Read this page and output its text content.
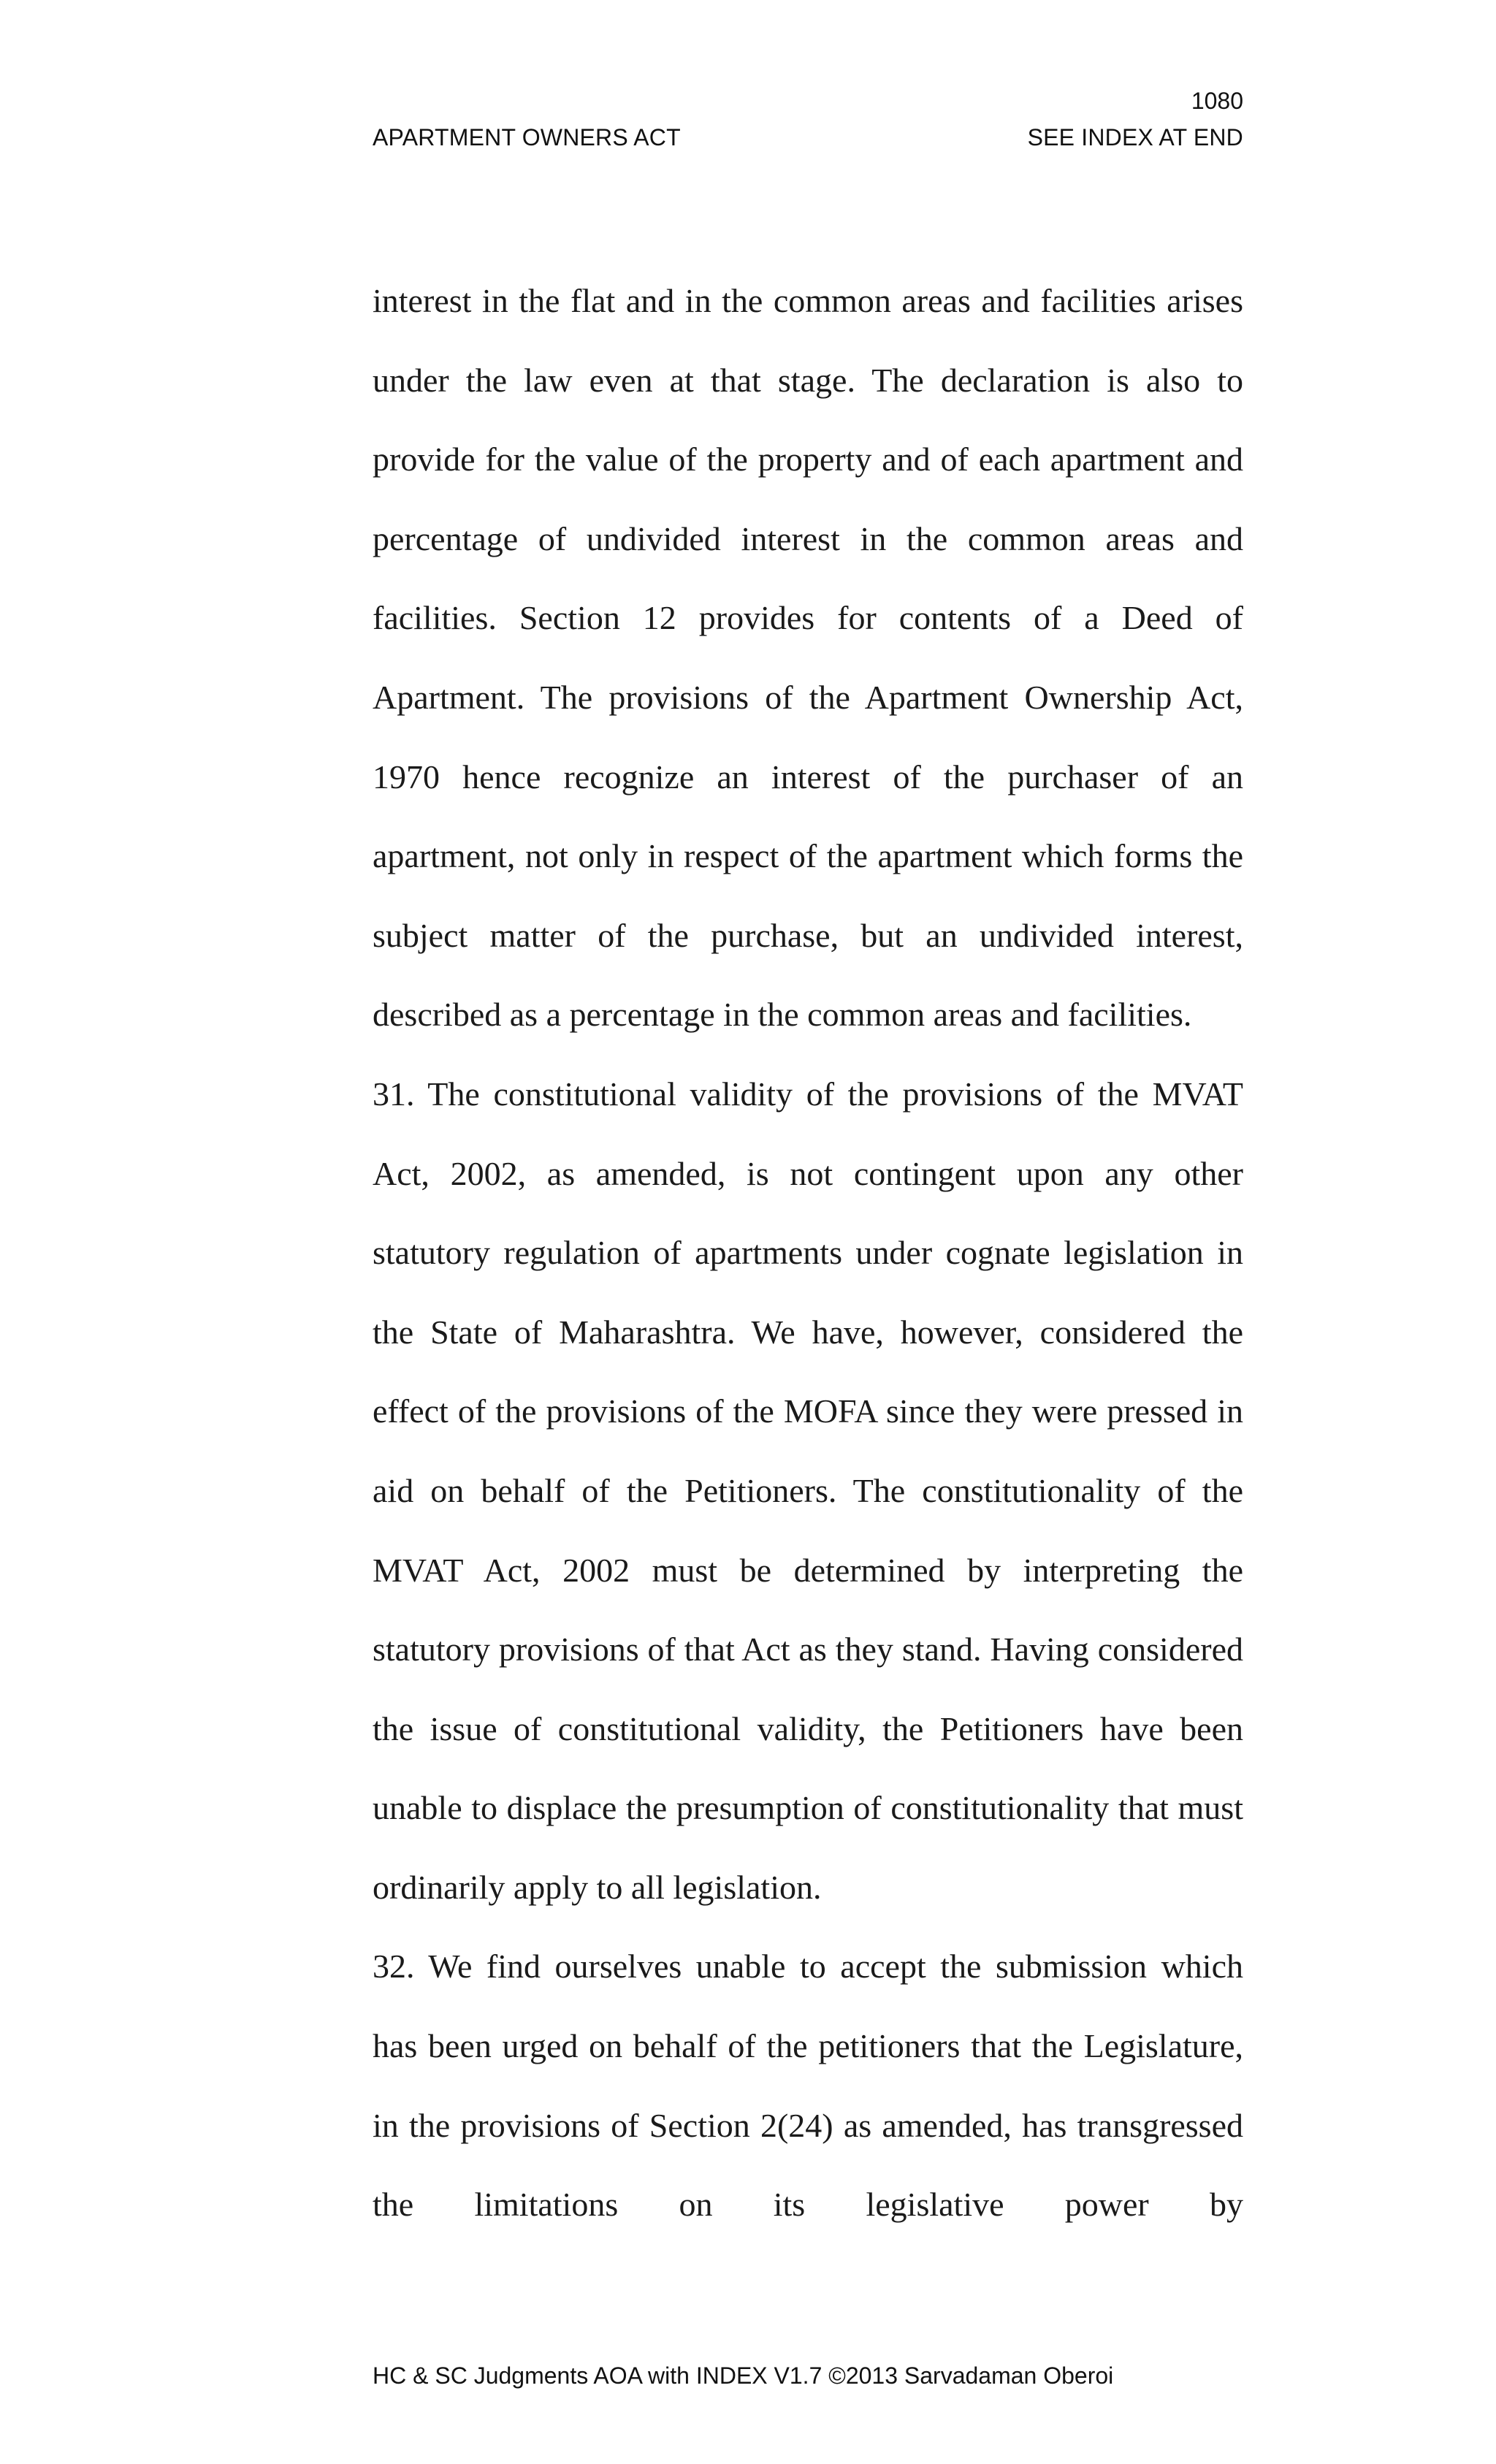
1080
APARTMENT OWNERS ACT	SEE INDEX AT END

interest in the flat and in the common areas and facilities arises under the law even at that stage. The declaration is also to provide for the value of the property and of each apartment and percentage of undivided interest in the common areas and facilities. Section 12 provides for contents of a Deed of Apartment. The provisions of the Apartment Ownership Act, 1970 hence recognize an interest of the purchaser of an apartment, not only in respect of the apartment which forms the subject matter of the purchase, but an undivided interest, described as a percentage in the common areas and facilities.

31. The constitutional validity of the provisions of the MVAT Act, 2002, as amended, is not contingent upon any other statutory regulation of apartments under cognate legislation in the State of Maharashtra. We have, however, considered the effect of the provisions of the MOFA since they were pressed in aid on behalf of the Petitioners. The constitutionality of the MVAT Act, 2002 must be determined by interpreting the statutory provisions of that Act as they stand. Having considered the issue of constitutional validity, the Petitioners have been unable to displace the presumption of constitutionality that must ordinarily apply to all legislation.

32. We find ourselves unable to accept the submission which has been urged on behalf of the petitioners that the Legislature, in the provisions of Section 2(24) as amended, has transgressed the limitations on its legislative power by

HC & SC Judgments AOA with INDEX V1.7 ©2013 Sarvadaman Oberoi
